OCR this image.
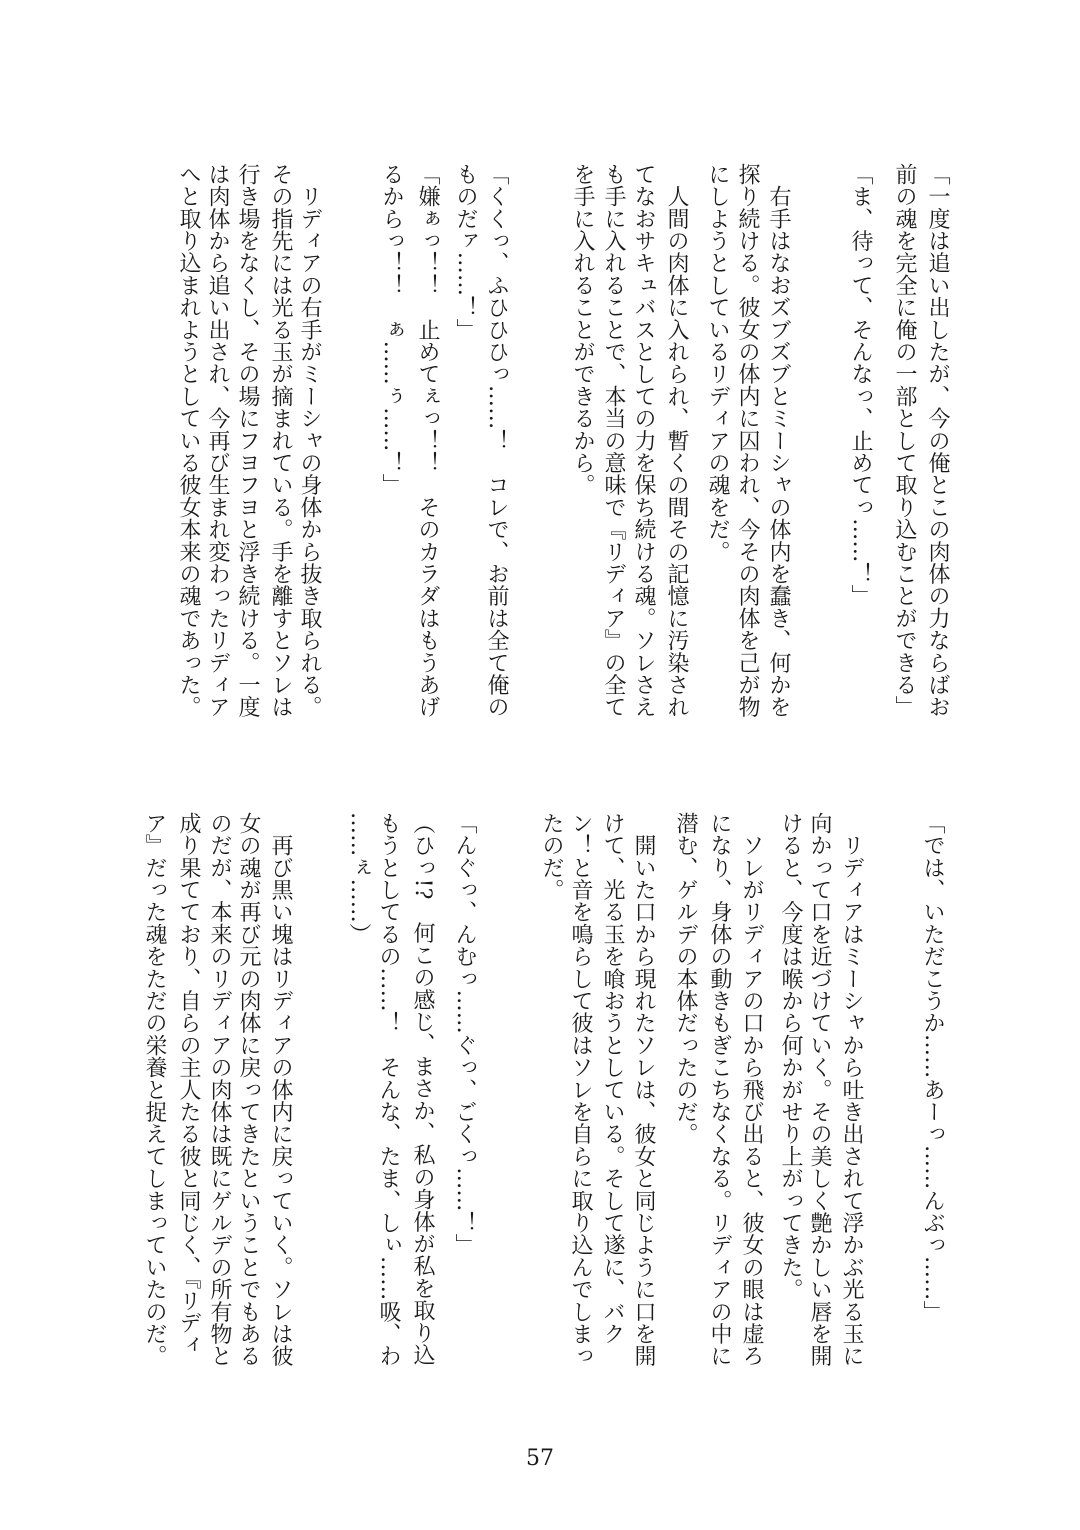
「一度は追い出したが、今の俺とこの肉体の力ならばお
前の魂を完全に俺の一部として取り込むことができる」
「ま、待って、そんなっ、止めてっ……！」
　右手はなおズブズブとミーシャの体内を蠢き、何かを
探り続ける。彼女の体内に囚われ、今その肉体を己が物
にしようとしているリディアの魂をだ。
　人間の肉体に入れられ、暫くの間その記憶に汚染され
てなおサキュバスとしての力を保ち続ける魂。ソレさえ
も手に入れることで、本当の意味で『リディア』の全て
を手に入れることができるから。
「くくっ、ふひひひっ……！　コレで、お前は全て俺の
ものだァ……！」
「嫌ぁっ！！　止めてぇっ！！　そのカラダはもうあげ
るからっ！！　ぁ……ぅ……！」
　リディアの右手がミーシャの身体から抜き取られる。
その指先には光る玉が摘まれている。手を離すとソレは
行き場をなくし、その場にフヨフヨと浮き続ける。一度
は肉体から追い出され、今再び生まれ変わったリディア
へと取り込まれようとしている彼女本来の魂であった。
「では、いただこうか……あーっ……んぶっ……」
　リディアはミーシャから吐き出されて浮かぶ光る玉に
向かって口を近づけていく。その美しく艶かしい唇を開
けると、今度は喉から何かがせり上がってきた。
　ソレがリディアの口から飛び出ると、彼女の眼は虚ろ
になり、身体の動きもぎこちなくなる。リディアの中に
潜む、ゲルデの本体だったのだ。
　開いた口から現れたソレは、彼女と同じように口を開
けて、光る玉を喰おうとしている。そして遂に、バク
ン！と音を鳴らして彼はソレを自らに取り込んでしまっ
たのだ。
「んぐっ、んむっ……ぐっ、ごくっ……！」
（ひっ!?　何この感じ、まさか、私の身体が私を取り込
もうとしてるの……！　そんな、たま、しぃ……吸、わ
……ぇ……）
　再び黒い塊はリディアの体内に戻っていく。ソレは彼
女の魂が再び元の肉体に戻ってきたということでもある
のだが、本来のリディアの肉体は既にゲルデの所有物と
成り果てており、自らの主人たる彼と同じく、『リディ
ア』だった魂をただの栄養と捉えてしまっていたのだ。
57
